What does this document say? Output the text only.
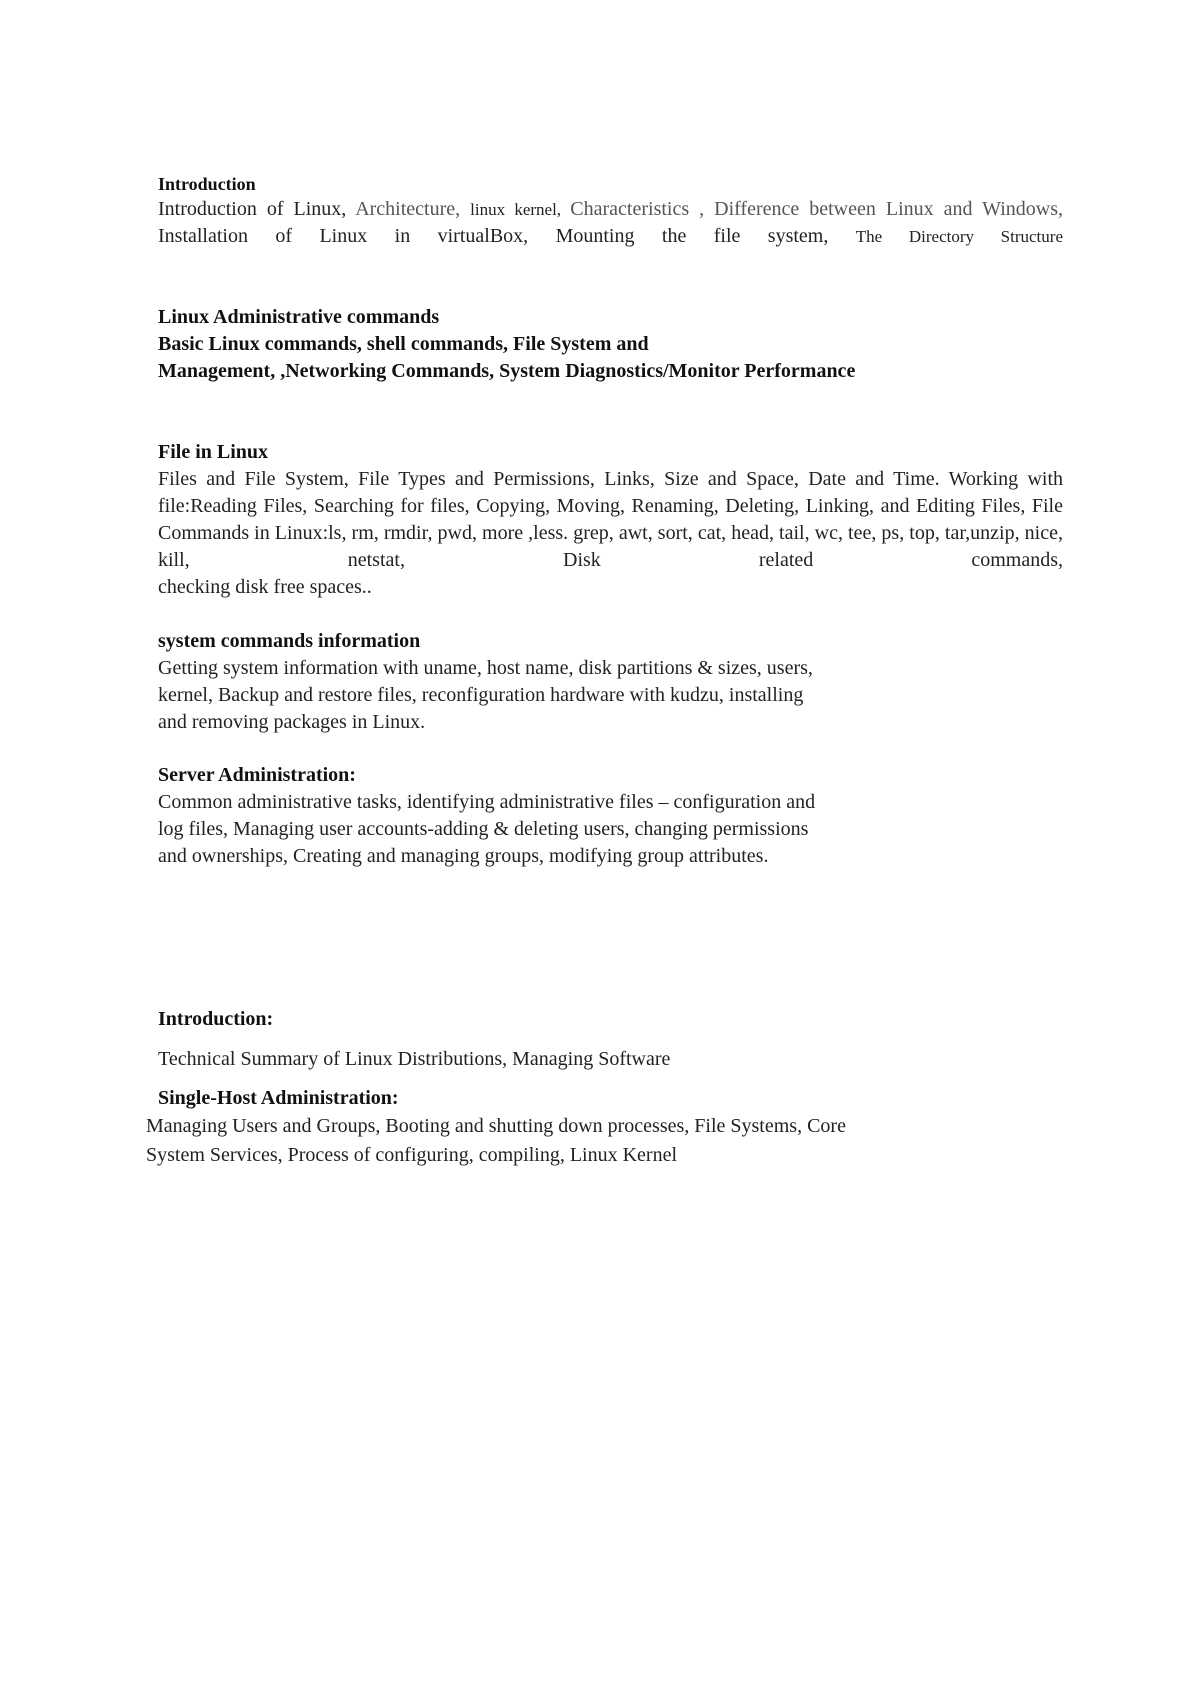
Introduction

Introduction of Linux, Architecture, linux kernel, Characteristics , Difference between Linux and Windows, Installation of Linux in virtualBox, Mounting the file system, The Directory Structure

Linux Administrative commands
Basic Linux commands, shell commands, File System and
Management, ,Networking Commands, System Diagnostics/Monitor Performance

File in Linux

Files and File System, File Types and Permissions, Links, Size and Space, Date and Time. Working with file:Reading Files, Searching for files, Copying, Moving, Renaming, Deleting, Linking, and Editing Files, File Commands in Linux:ls, rm, rmdir, pwd, more ,less. grep, awt, sort, cat, head, tail, wc, tee, ps, top, tar,unzip, nice, kill, netstat, Disk related commands,

checking disk free spaces..

system commands information

Getting system information with uname, host name, disk partitions & sizes, users,
kernel, Backup and restore files, reconfiguration hardware with kudzu, installing
and removing packages in Linux.

Server Administration:

Common administrative tasks, identifying administrative files – configuration and
log files, Managing user accounts-adding & deleting users, changing permissions
and ownerships, Creating and managing groups, modifying group attributes.

Introduction:

Technical Summary of Linux Distributions, Managing Software

Single-Host Administration:

Managing Users and Groups, Booting and shutting down processes, File Systems, Core
System Services, Process of configuring, compiling, Linux Kernel
